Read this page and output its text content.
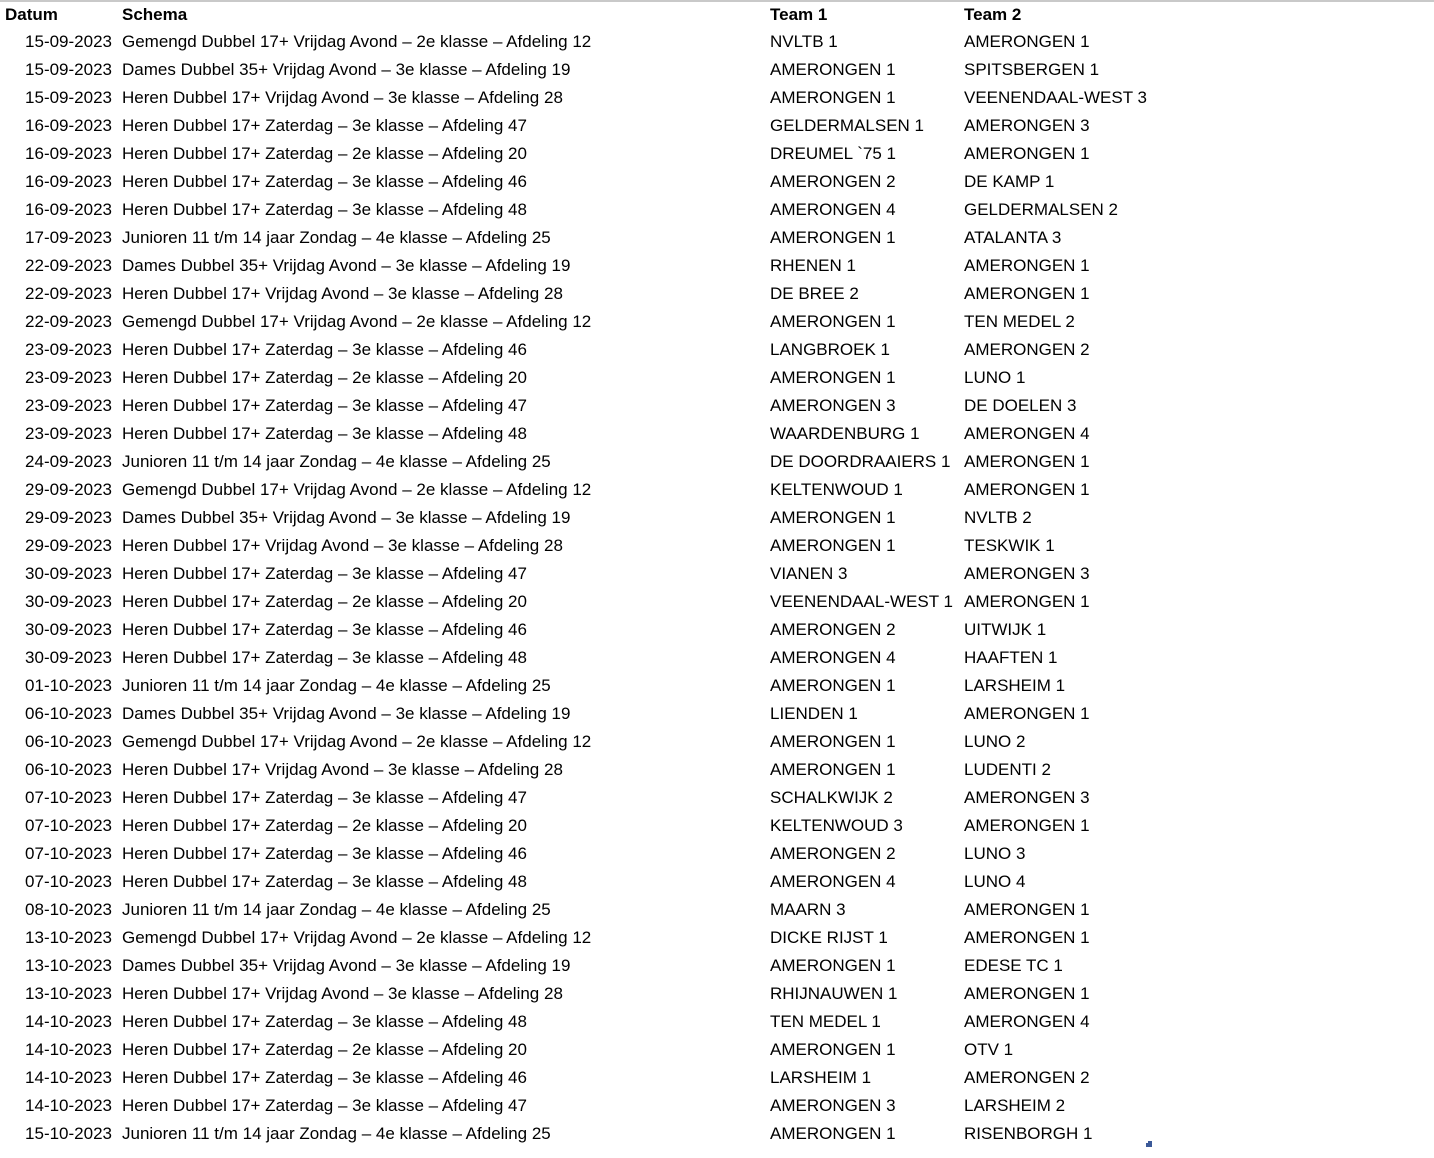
Datum	Schema	Team 1	Team 2
15-09-2023	Gemengd Dubbel 17+ Vrijdag Avond – 2e klasse – Afdeling 12	NVLTB 1	AMERONGEN 1
15-09-2023	Dames Dubbel 35+ Vrijdag Avond – 3e klasse – Afdeling 19	AMERONGEN 1	SPITSBERGEN 1
15-09-2023	Heren Dubbel 17+ Vrijdag Avond – 3e klasse – Afdeling 28	AMERONGEN 1	VEENENDAAL-WEST 3
16-09-2023	Heren Dubbel 17+ Zaterdag – 3e klasse – Afdeling 47	GELDERMALSEN 1	AMERONGEN 3
16-09-2023	Heren Dubbel 17+ Zaterdag – 2e klasse – Afdeling 20	DREUMEL `75 1	AMERONGEN 1
16-09-2023	Heren Dubbel 17+ Zaterdag – 3e klasse – Afdeling 46	AMERONGEN 2	DE KAMP 1
16-09-2023	Heren Dubbel 17+ Zaterdag – 3e klasse – Afdeling 48	AMERONGEN 4	GELDERMALSEN 2
17-09-2023	Junioren 11 t/m 14 jaar Zondag – 4e klasse – Afdeling 25	AMERONGEN 1	ATALANTA 3
22-09-2023	Dames Dubbel 35+ Vrijdag Avond – 3e klasse – Afdeling 19	RHENEN 1	AMERONGEN 1
22-09-2023	Heren Dubbel 17+ Vrijdag Avond – 3e klasse – Afdeling 28	DE BREE 2	AMERONGEN 1
22-09-2023	Gemengd Dubbel 17+ Vrijdag Avond – 2e klasse – Afdeling 12	AMERONGEN 1	TEN MEDEL 2
23-09-2023	Heren Dubbel 17+ Zaterdag – 3e klasse – Afdeling 46	LANGBROEK 1	AMERONGEN 2
23-09-2023	Heren Dubbel 17+ Zaterdag – 2e klasse – Afdeling 20	AMERONGEN 1	LUNO 1
23-09-2023	Heren Dubbel 17+ Zaterdag – 3e klasse – Afdeling 47	AMERONGEN 3	DE DOELEN 3
23-09-2023	Heren Dubbel 17+ Zaterdag – 3e klasse – Afdeling 48	WAARDENBURG 1	AMERONGEN 4
24-09-2023	Junioren 11 t/m 14 jaar Zondag – 4e klasse – Afdeling 25	DE DOORDRAAIERS 1	AMERONGEN 1
29-09-2023	Gemengd Dubbel 17+ Vrijdag Avond – 2e klasse – Afdeling 12	KELTENWOUD 1	AMERONGEN 1
29-09-2023	Dames Dubbel 35+ Vrijdag Avond – 3e klasse – Afdeling 19	AMERONGEN 1	NVLTB 2
29-09-2023	Heren Dubbel 17+ Vrijdag Avond – 3e klasse – Afdeling 28	AMERONGEN 1	TESKWIK 1
30-09-2023	Heren Dubbel 17+ Zaterdag – 3e klasse – Afdeling 47	VIANEN 3	AMERONGEN 3
30-09-2023	Heren Dubbel 17+ Zaterdag – 2e klasse – Afdeling 20	VEENENDAAL-WEST 1	AMERONGEN 1
30-09-2023	Heren Dubbel 17+ Zaterdag – 3e klasse – Afdeling 46	AMERONGEN 2	UITWIJK 1
30-09-2023	Heren Dubbel 17+ Zaterdag – 3e klasse – Afdeling 48	AMERONGEN 4	HAAFTEN 1
01-10-2023	Junioren 11 t/m 14 jaar Zondag – 4e klasse – Afdeling 25	AMERONGEN 1	LARSHEIM 1
06-10-2023	Dames Dubbel 35+ Vrijdag Avond – 3e klasse – Afdeling 19	LIENDEN 1	AMERONGEN 1
06-10-2023	Gemengd Dubbel 17+ Vrijdag Avond – 2e klasse – Afdeling 12	AMERONGEN 1	LUNO 2
06-10-2023	Heren Dubbel 17+ Vrijdag Avond – 3e klasse – Afdeling 28	AMERONGEN 1	LUDENTI 2
07-10-2023	Heren Dubbel 17+ Zaterdag – 3e klasse – Afdeling 47	SCHALKWIJK 2	AMERONGEN 3
07-10-2023	Heren Dubbel 17+ Zaterdag – 2e klasse – Afdeling 20	KELTENWOUD 3	AMERONGEN 1
07-10-2023	Heren Dubbel 17+ Zaterdag – 3e klasse – Afdeling 46	AMERONGEN 2	LUNO 3
07-10-2023	Heren Dubbel 17+ Zaterdag – 3e klasse – Afdeling 48	AMERONGEN 4	LUNO 4
08-10-2023	Junioren 11 t/m 14 jaar Zondag – 4e klasse – Afdeling 25	MAARN 3	AMERONGEN 1
13-10-2023	Gemengd Dubbel 17+ Vrijdag Avond – 2e klasse – Afdeling 12	DICKE RIJST 1	AMERONGEN 1
13-10-2023	Dames Dubbel 35+ Vrijdag Avond – 3e klasse – Afdeling 19	AMERONGEN 1	EDESE TC 1
13-10-2023	Heren Dubbel 17+ Vrijdag Avond – 3e klasse – Afdeling 28	RHIJNAUWEN 1	AMERONGEN 1
14-10-2023	Heren Dubbel 17+ Zaterdag – 3e klasse – Afdeling 48	TEN MEDEL 1	AMERONGEN 4
14-10-2023	Heren Dubbel 17+ Zaterdag – 2e klasse – Afdeling 20	AMERONGEN 1	OTV 1
14-10-2023	Heren Dubbel 17+ Zaterdag – 3e klasse – Afdeling 46	LARSHEIM 1	AMERONGEN 2
14-10-2023	Heren Dubbel 17+ Zaterdag – 3e klasse – Afdeling 47	AMERONGEN 3	LARSHEIM 2
15-10-2023	Junioren 11 t/m 14 jaar Zondag – 4e klasse – Afdeling 25	AMERONGEN 1	RISENBORGH 1
